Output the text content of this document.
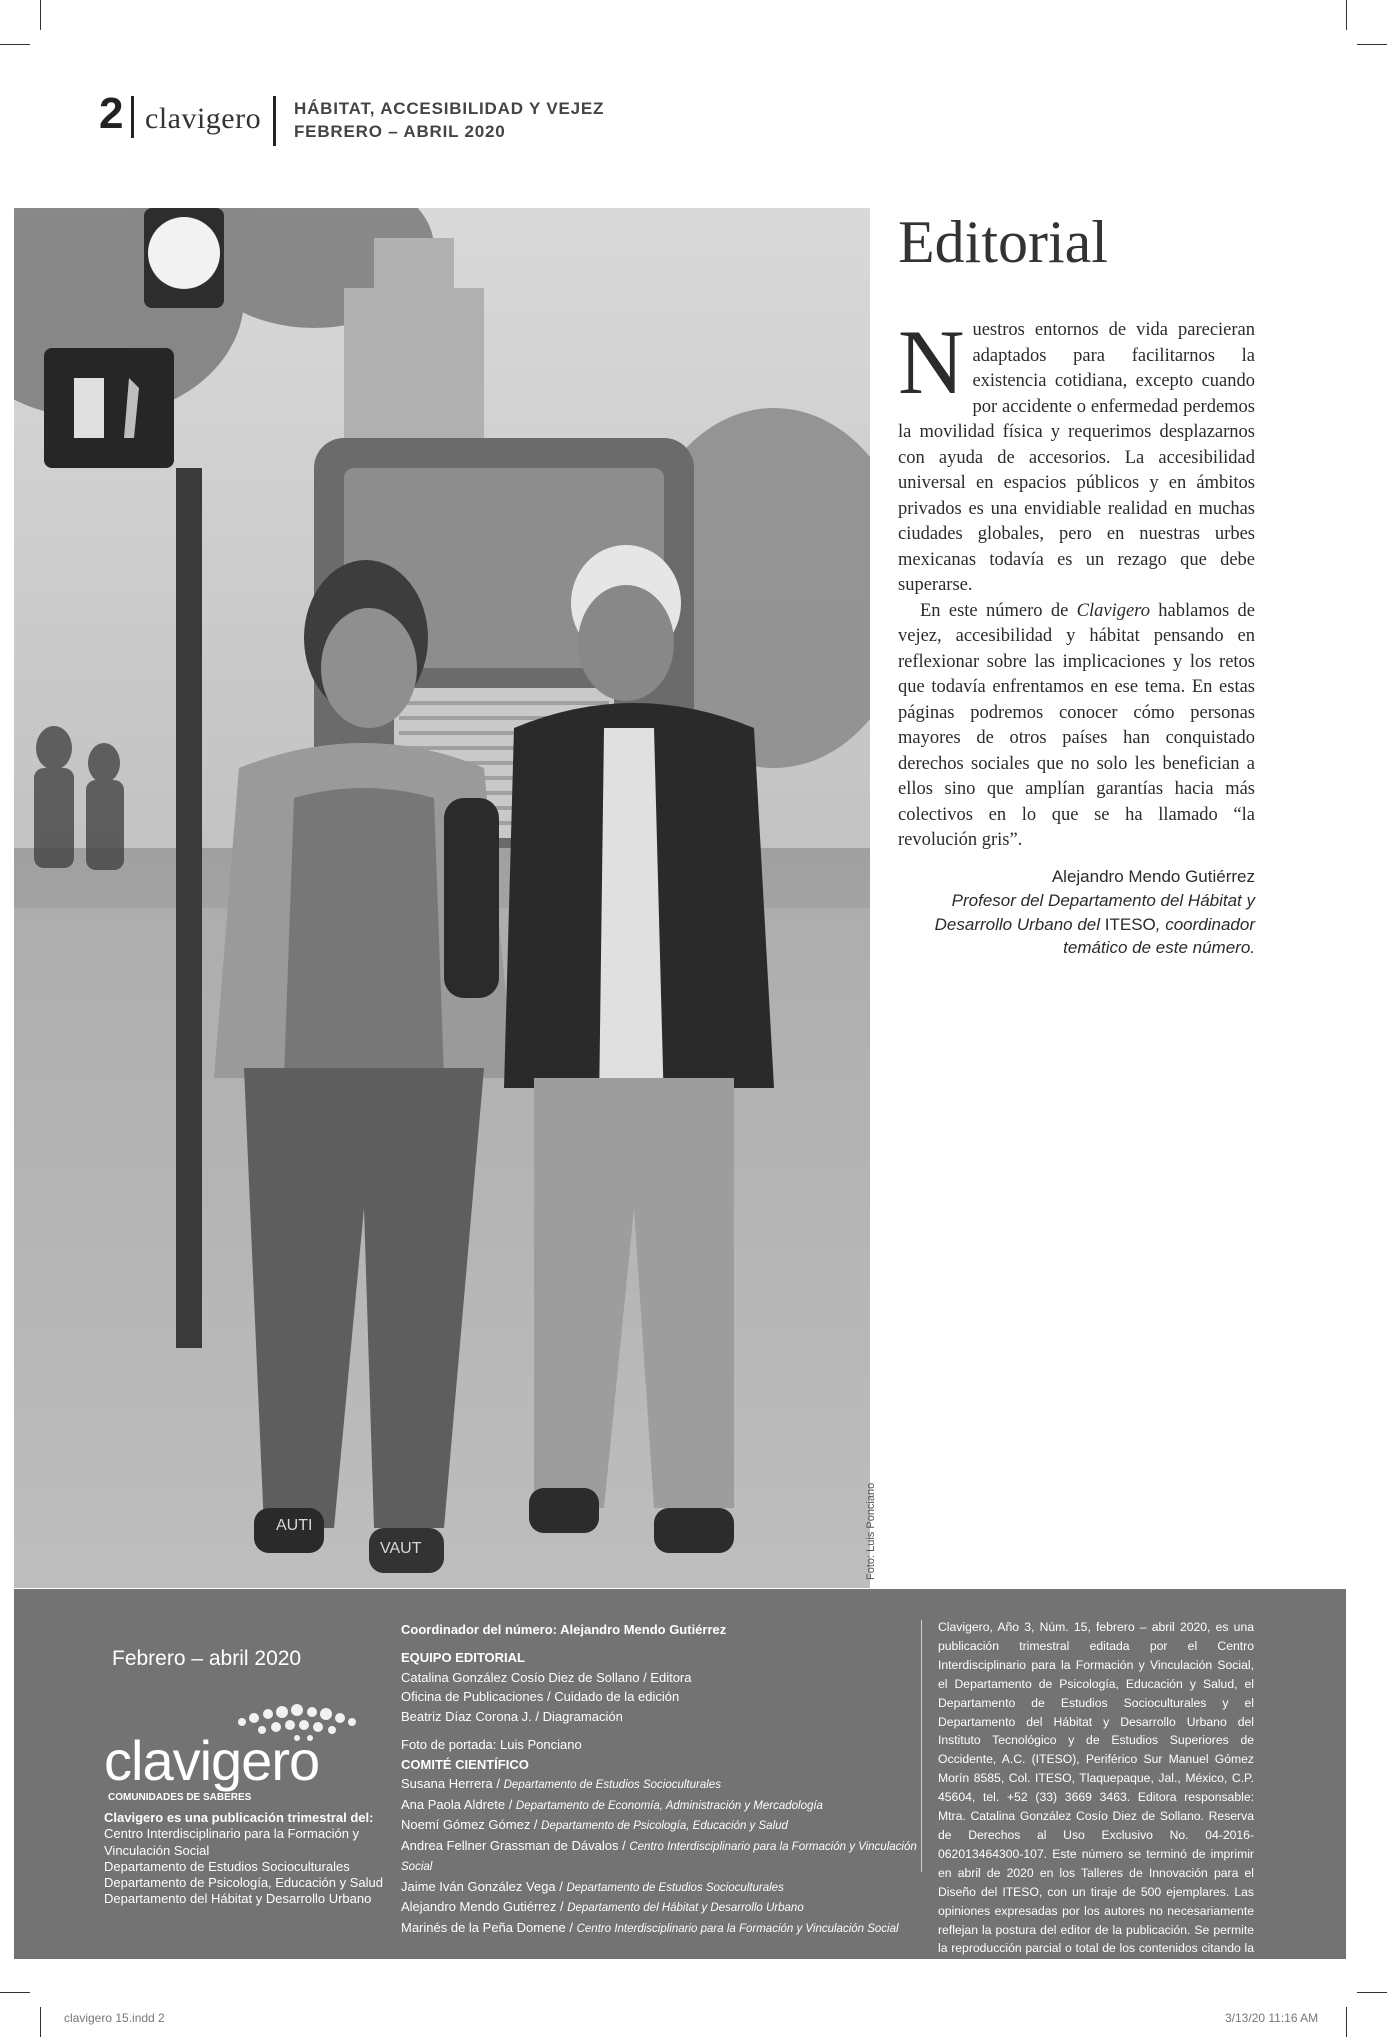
2 clavigero HÁBITAT, ACCESIBILIDAD Y VEJEZ
FEBRERO – ABRIL 2020
AUTI
VAUT	Foto: Luis Ponciano
Editorial

Nuestros entornos de vida parecieran adaptados para facilitarnos la existencia cotidiana, excepto cuando por accidente o enfermedad perdemos la movilidad física y requerimos desplazarnos con ayuda de accesorios. La accesibilidad universal en espacios públicos y en ámbitos privados es una envidiable realidad en muchas ciudades globales, pero en nuestras urbes mexicanas todavía es un rezago que debe superarse.

En este número de Clavigero hablamos de vejez, accesibilidad y hábitat pensando en reflexionar sobre las implicaciones y los retos que todavía enfrentamos en ese tema. En estas páginas podremos conocer cómo personas mayores de otros países han conquistado derechos sociales que no solo les benefician a ellos sino que amplían garantías hacia más colectivos en lo que se ha llamado “la revolución gris”.

Alejandro Mendo Gutiérrez
Profesor del Departamento del Hábitat y
Desarrollo Urbano del ITESO, coordinador
temático de este número.
Febrero – abril 2020
clavigero
COMUNIDADES DE SABERES
Clavigero es una publicación trimestral del:
Centro Interdisciplinario para la Formación y
Vinculación Social
Departamento de Estudios Socioculturales
Departamento de Psicología, Educación y Salud
Departamento del Hábitat y Desarrollo Urbano
Coordinador del número: Alejandro Mendo Gutiérrez
EQUIPO EDITORIAL
Catalina González Cosío Diez de Sollano / Editora
Oficina de Publicaciones / Cuidado de la edición
Beatriz Díaz Corona J. / Diagramación
Foto de portada: Luis Ponciano
COMITÉ CIENTÍFICO
Susana Herrera / Departamento de Estudios Socioculturales
Ana Paola Aldrete / Departamento de Economía, Administración y Mercadología
Noemí Gómez Gómez / Departamento de Psicología, Educación y Salud
Andrea Fellner Grassman de Dávalos / Centro Interdisciplinario para la Formación y Vinculación Social
Jaime Iván González Vega / Departamento de Estudios Socioculturales
Alejandro Mendo Gutiérrez / Departamento del Hábitat y Desarrollo Urbano
Marinés de la Peña Domene / Centro Interdisciplinario para la Formación y Vinculación Social
Clavigero, Año 3, Núm. 15, febrero – abril 2020, es una publicación trimestral editada por el Centro Interdisciplinario para la Formación y Vinculación Social, el Departamento de Psicología, Educación y Salud, el Departamento de Estudios Socioculturales y el Departamento del Hábitat y Desarrollo Urbano del Instituto Tecnológico y de Estudios Superiores de Occidente, A.C. (ITESO), Periférico Sur Manuel Gómez Morín 8585, Col. ITESO, Tlaquepaque, Jal., México, C.P. 45604, tel. +52 (33) 3669 3463. Editora responsable: Mtra. Catalina González Cosío Diez de Sollano. Reserva de Derechos al Uso Exclusivo No. 04-2016-062013464300-107. Este número se terminó de imprimir en abril de 2020 en los Talleres de Innovación para el Diseño del ITESO, con un tiraje de 500 ejemplares. Las opiniones expresadas por los autores no necesariamente reflejan la postura del editor de la publicación. Se permite la reproducción parcial o total de los contenidos citando la fuente.
clavigero 15.indd 2	3/13/20 11:16 AM
